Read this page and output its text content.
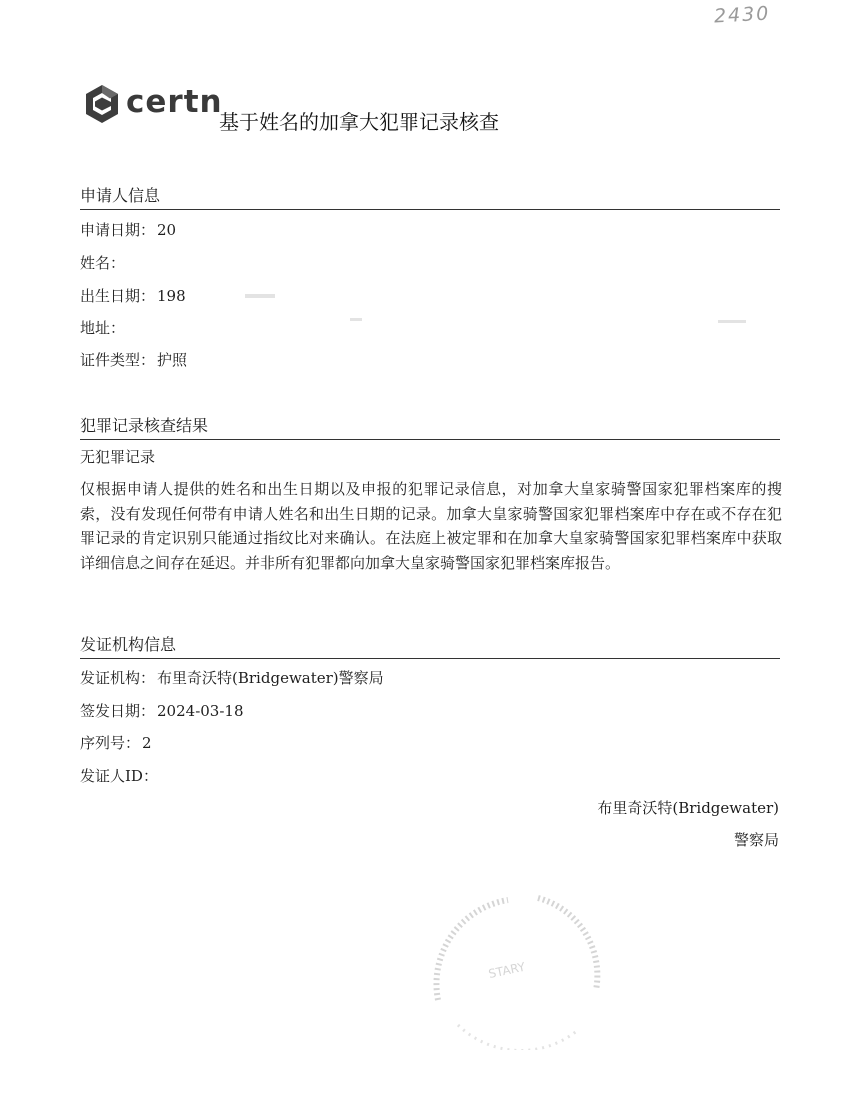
2430
certn
基于姓名的加拿大犯罪记录核查
申请人信息
申请日期： 20
姓名：
出生日期： 198
地址：
证件类型： 护照
犯罪记录核查结果
无犯罪记录
仅根据申请人提供的姓名和出生日期以及申报的犯罪记录信息，对加拿大皇家骑警国家犯罪档案库的搜索，没有发现任何带有申请人姓名和出生日期的记录。加拿大皇家骑警国家犯罪档案库中存在或不存在犯罪记录的肯定识别只能通过指纹比对来确认。在法庭上被定罪和在加拿大皇家骑警国家犯罪档案库中获取详细信息之间存在延迟。并非所有犯罪都向加拿大皇家骑警国家犯罪档案库报告。
发证机构信息
发证机构： 布里奇沃特(Bridgewater)警察局
签发日期： 2024-03-18
序列号： 2
发证人ID：
布里奇沃特(Bridgewater)
警察局
STARY
